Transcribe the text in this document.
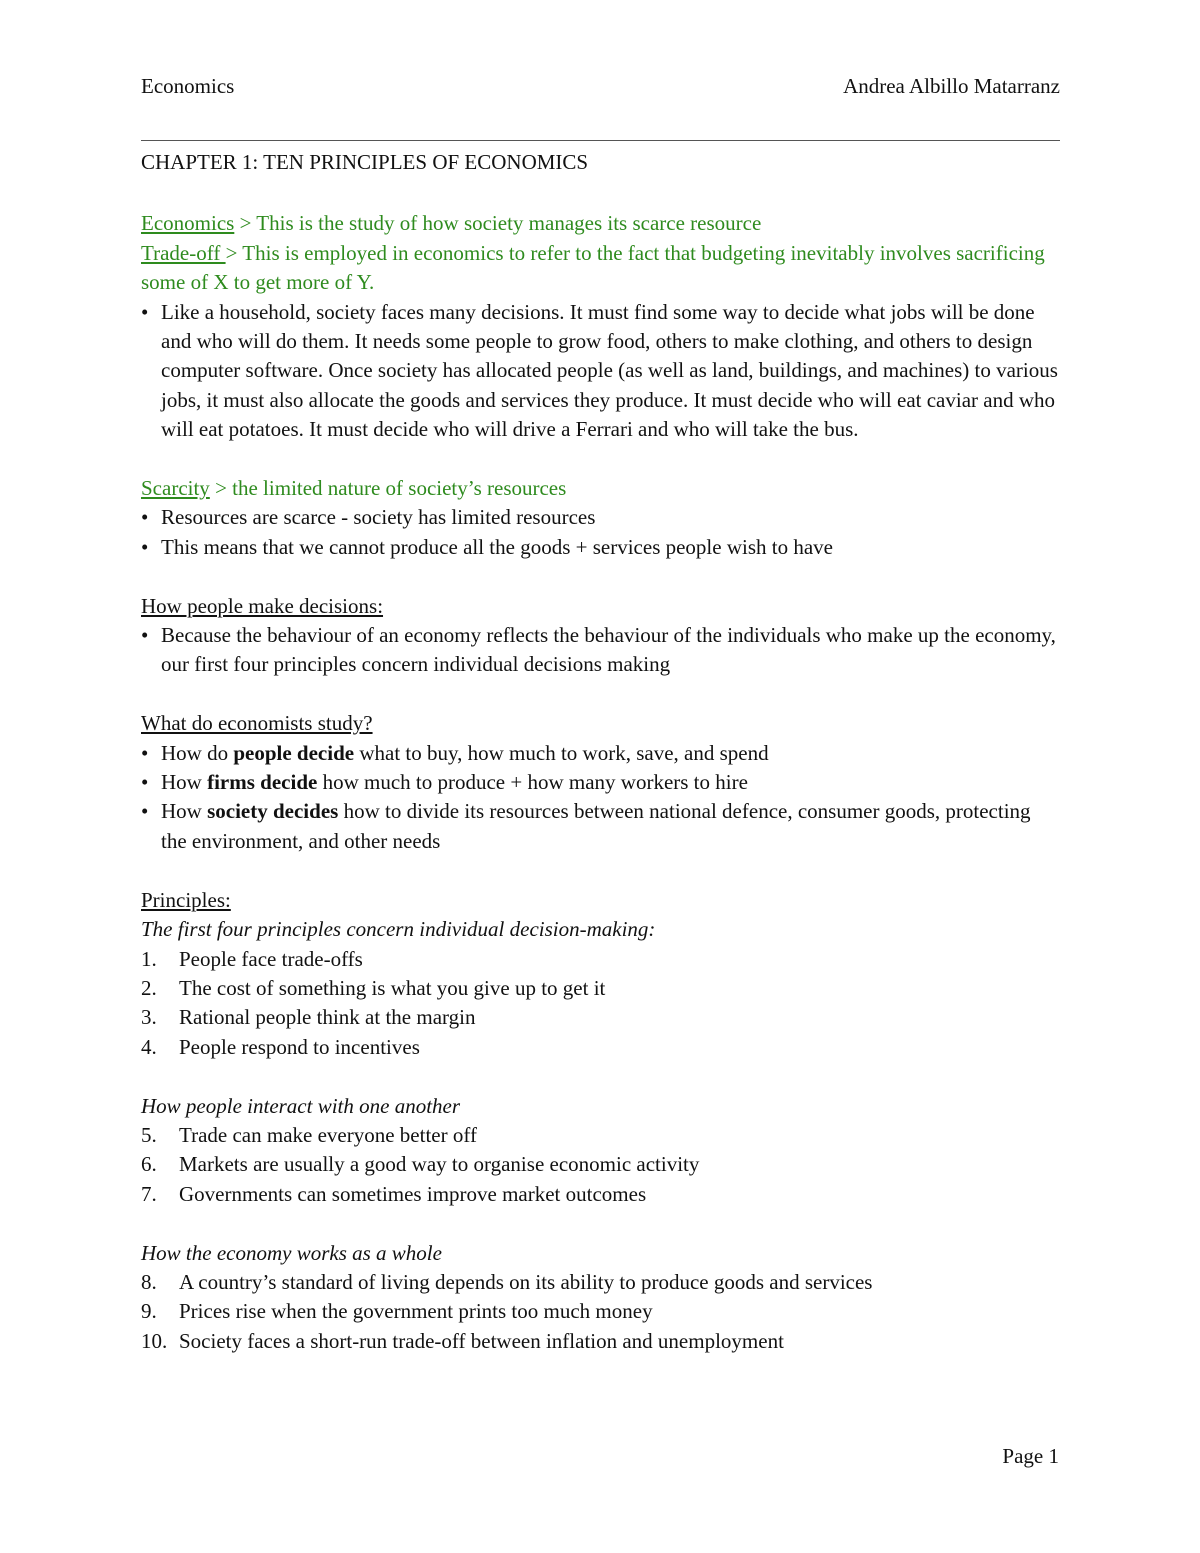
Economics	Andrea Albillo Matarranz

CHAPTER 1: TEN PRINCIPLES OF ECONOMICS

Economics > This is the study of how society manages its scarce resource

Trade-off > This is employed in economics to refer to the fact that budgeting inevitably involves sacrificing some of X to get more of Y.

• Like a household, society faces many decisions. It must find some way to decide what jobs will be done and who will do them. It needs some people to grow food, others to make clothing, and others to design computer software. Once society has allocated people (as well as land, buildings, and machines) to various jobs, it must also allocate the goods and services they produce. It must decide who will eat caviar and who will eat potatoes. It must decide who will drive a Ferrari and who will take the bus.

Scarcity > the limited nature of society’s resources

• Resources are scarce - society has limited resources

• This means that we cannot produce all the goods + services people wish to have

How people make decisions:

• Because the behaviour of an economy reflects the behaviour of the individuals who make up the economy, our first four principles concern individual decisions making

What do economists study?

• How do people decide what to buy, how much to work, save, and spend

• How firms decide how much to produce + how many workers to hire

• How society decides how to divide its resources between national defence, consumer goods, protecting the environment, and other needs

Principles:

The first four principles concern individual decision-making:

1. People face trade-offs

2. The cost of something is what you give up to get it

3. Rational people think at the margin

4. People respond to incentives

How people interact with one another

5. Trade can make everyone better off

6. Markets are usually a good way to organise economic activity

7. Governments can sometimes improve market outcomes

How the economy works as a whole

8. A country’s standard of living depends on its ability to produce goods and services

9. Prices rise when the government prints too much money

10. Society faces a short-run trade-off between inflation and unemployment

Page 1
